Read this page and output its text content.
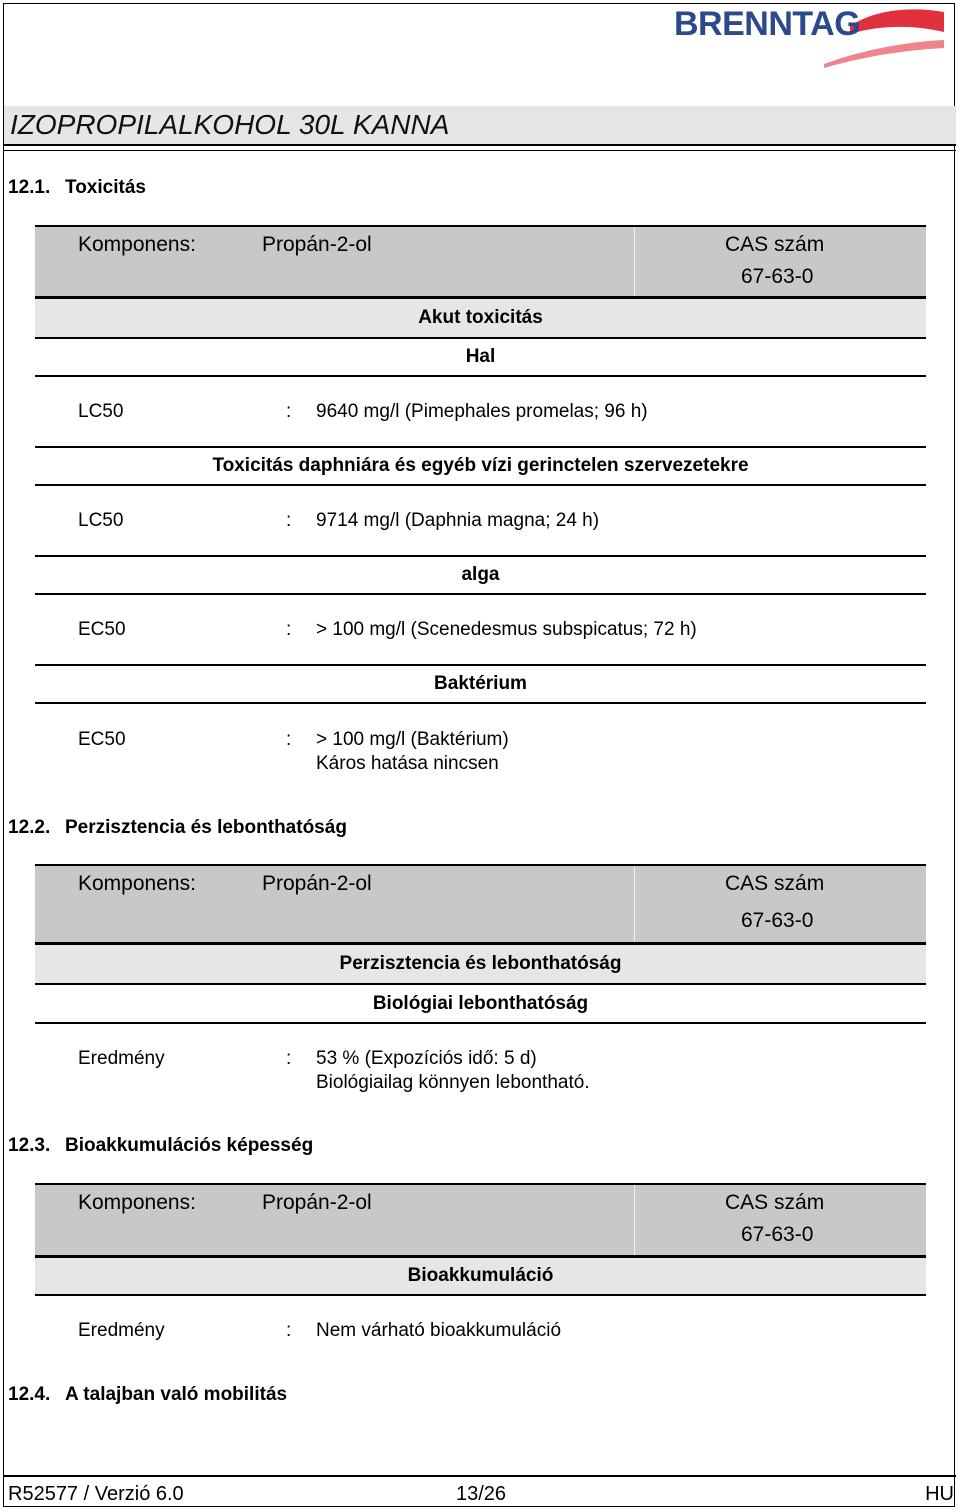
BRENNTAG
IZOPROPILALKOHOL 30L KANNA
12.1. Toxicitás
Komponens:	Propán-2-ol	CAS szám
67-63-0
Akut toxicitás
Hal
LC50	: 9640 mg/l (Pimephales promelas; 96 h)
Toxicitás daphniára és egyéb vízi gerinctelen szervezetekre
LC50	: 9714 mg/l (Daphnia magna; 24 h)
alga
EC50	: > 100 mg/l (Scenedesmus subspicatus; 72 h)
Baktérium
EC50	: > 100 mg/l (Baktérium)
Káros hatása nincsen
12.2. Perzisztencia és lebonthatóság
Komponens:	Propán-2-ol	CAS szám
67-63-0
Perzisztencia és lebonthatóság
Biológiai lebonthatóság
Eredmény	: 53 % (Expozíciós idő: 5 d)
Biológiailag könnyen lebontható.
12.3. Bioakkumulációs képesség
Komponens:	Propán-2-ol	CAS szám
67-63-0
Bioakkumuláció
Eredmény	: Nem várható bioakkumuláció
12.4. A talajban való mobilitás
R52577 / Verzió 6.0	13/26	HU
